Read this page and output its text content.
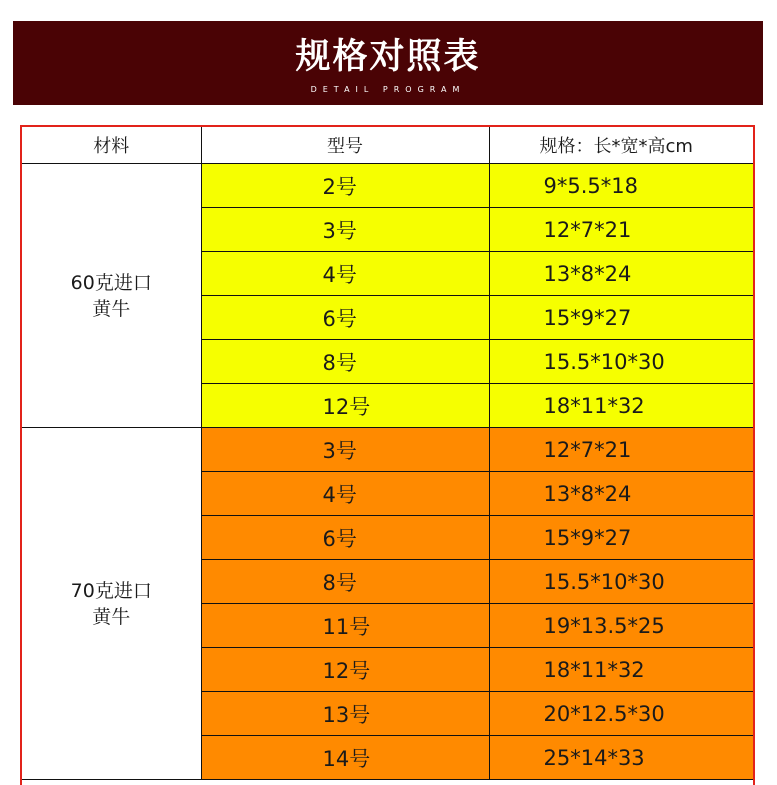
规格对照表
DETAIL PROGRAM
材料	型号	规格：长*宽*高cm

60克进口
黄牛	2号	9*5.5*18
	3号	12*7*21
	4号	13*8*24
	6号	15*9*27
	8号	15.5*10*30
	12号	18*11*32

70克进口
黄牛	3号	12*7*21
	4号	13*8*24
	6号	15*9*27
	8号	15.5*10*30
	11号	19*13.5*25
	12号	18*11*32
	13号	20*12.5*30
	14号	25*14*33
